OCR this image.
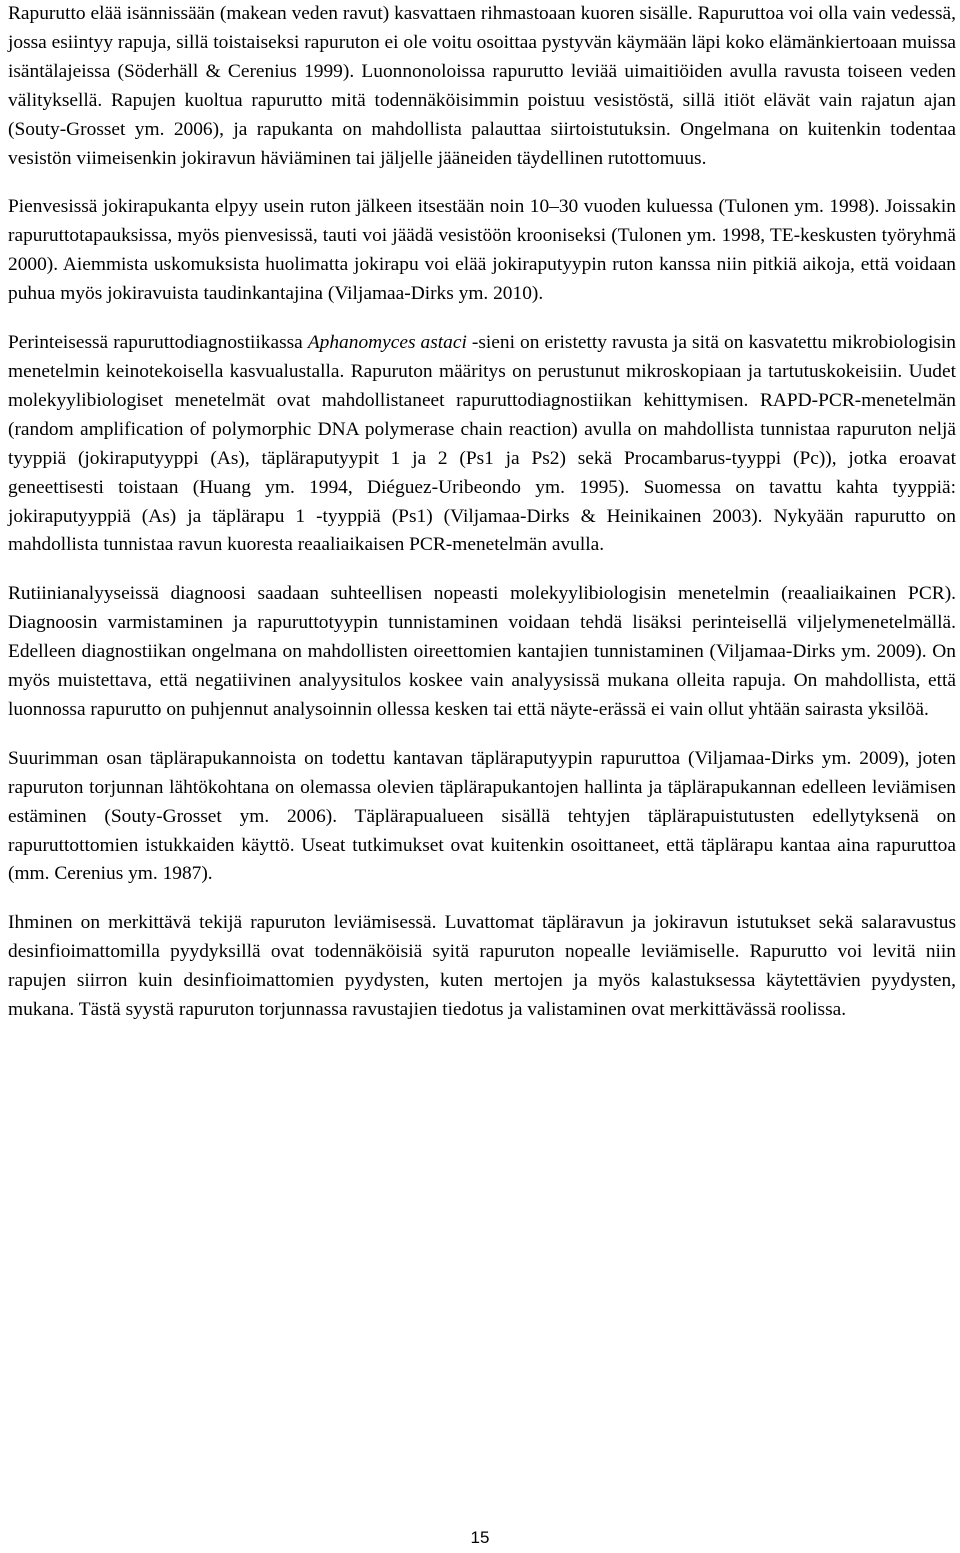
Rapurutto elää isännissään (makean veden ravut) kasvattaen rihmastoaan kuoren sisälle. Rapuruttoa voi olla vain vedessä, jossa esiintyy rapuja, sillä toistaiseksi rapuruton ei ole voitu osoittaa pystyvän käymään läpi koko elämänkiertoaan muissa isäntälajeissa (Söderhäll & Cerenius 1999). Luonnonoloissa rapurutto leviää uimaitiöiden avulla ravusta toiseen veden välityksellä. Rapujen kuoltua rapurutto mitä todennäköisimmin poistuu vesistöstä, sillä itiöt elävät vain rajatun ajan (Souty-Grosset ym. 2006), ja rapukanta on mahdollista palauttaa siirtoistutuksin. Ongelmana on kuitenkin todentaa vesistön viimeisenkin jokiravun häviäminen tai jäljelle jääneiden täydellinen rutottomuus.

Pienvesissä jokirapukanta elpyy usein ruton jälkeen itsestään noin 10–30 vuoden kuluessa (Tulonen ym. 1998). Joissakin rapuruttotapauksissa, myös pienvesissä, tauti voi jäädä vesistöön krooniseksi (Tulonen ym. 1998, TE-keskusten työryhmä 2000). Aiemmista uskomuksista huolimatta jokirapu voi elää jokiraputyypin ruton kanssa niin pitkiä aikoja, että voidaan puhua myös jokiravuista taudinkantajina (Viljamaa-Dirks ym. 2010).

Perinteisessä rapuruttodiagnostiikassa Aphanomyces astaci -sieni on eristetty ravusta ja sitä on kasvatettu mikrobiologisin menetelmin keinotekoisella kasvualustalla. Rapuruton määritys on perustunut mikroskopiaan ja tartutuskokeisiin. Uudet molekyylibiologiset menetelmät ovat mahdollistaneet rapuruttodiagnostiikan kehittymisen. RAPD-PCR-menetelmän (random amplification of polymorphic DNA polymerase chain reaction) avulla on mahdollista tunnistaa rapuruton neljä tyyppiä (jokiraputyyppi (As), täpläraputyypit 1 ja 2 (Ps1 ja Ps2) sekä Procambarus-tyyppi (Pc)), jotka eroavat geneettisesti toistaan (Huang ym. 1994, Diéguez-Uribeondo ym. 1995). Suomessa on tavattu kahta tyyppiä: jokiraputyyppiä (As) ja täplärapu 1 -tyyppiä (Ps1) (Viljamaa-Dirks & Heinikainen 2003). Nykyään rapurutto on mahdollista tunnistaa ravun kuoresta reaaliaikaisen PCR-menetelmän avulla.

Rutiinianalyyseissä diagnoosi saadaan suhteellisen nopeasti molekyylibiologisin menetelmin (reaaliaikainen PCR). Diagnoosin varmistaminen ja rapuruttotyypin tunnistaminen voidaan tehdä lisäksi perinteisellä viljelymenetelmällä. Edelleen diagnostiikan ongelmana on mahdollisten oireettomien kantajien tunnistaminen (Viljamaa-Dirks ym. 2009). On myös muistettava, että negatiivinen analyysitulos koskee vain analyysissä mukana olleita rapuja. On mahdollista, että luonnossa rapurutto on puhjennut analysoinnin ollessa kesken tai että näyte-erässä ei vain ollut yhtään sairasta yksilöä.

Suurimman osan täplärapukannoista on todettu kantavan täpläraputyypin rapuruttoa (Viljamaa-Dirks ym. 2009), joten rapuruton torjunnan lähtökohtana on olemassa olevien täplärapukantojen hallinta ja täplärapukannan edelleen leviämisen estäminen (Souty-Grosset ym. 2006). Täplärapualueen sisällä tehtyjen täplärapuistutusten edellytyksenä on rapuruttottomien istukkaiden käyttö. Useat tutkimukset ovat kuitenkin osoittaneet, että täplärapu kantaa aina rapuruttoa (mm. Cerenius ym. 1987).

Ihminen on merkittävä tekijä rapuruton leviämisessä. Luvattomat täpläravun ja jokiravun istutukset sekä salaravustus desinfioimattomilla pyydyksillä ovat todennäköisiä syitä rapuruton nopealle leviämiselle. Rapurutto voi levitä niin rapujen siirron kuin desinfioimattomien pyydysten, kuten mertojen ja myös kalastuksessa käytettävien pyydysten, mukana. Tästä syystä rapuruton torjunnassa ravustajien tiedotus ja valistaminen ovat merkittävässä roolissa.

15
